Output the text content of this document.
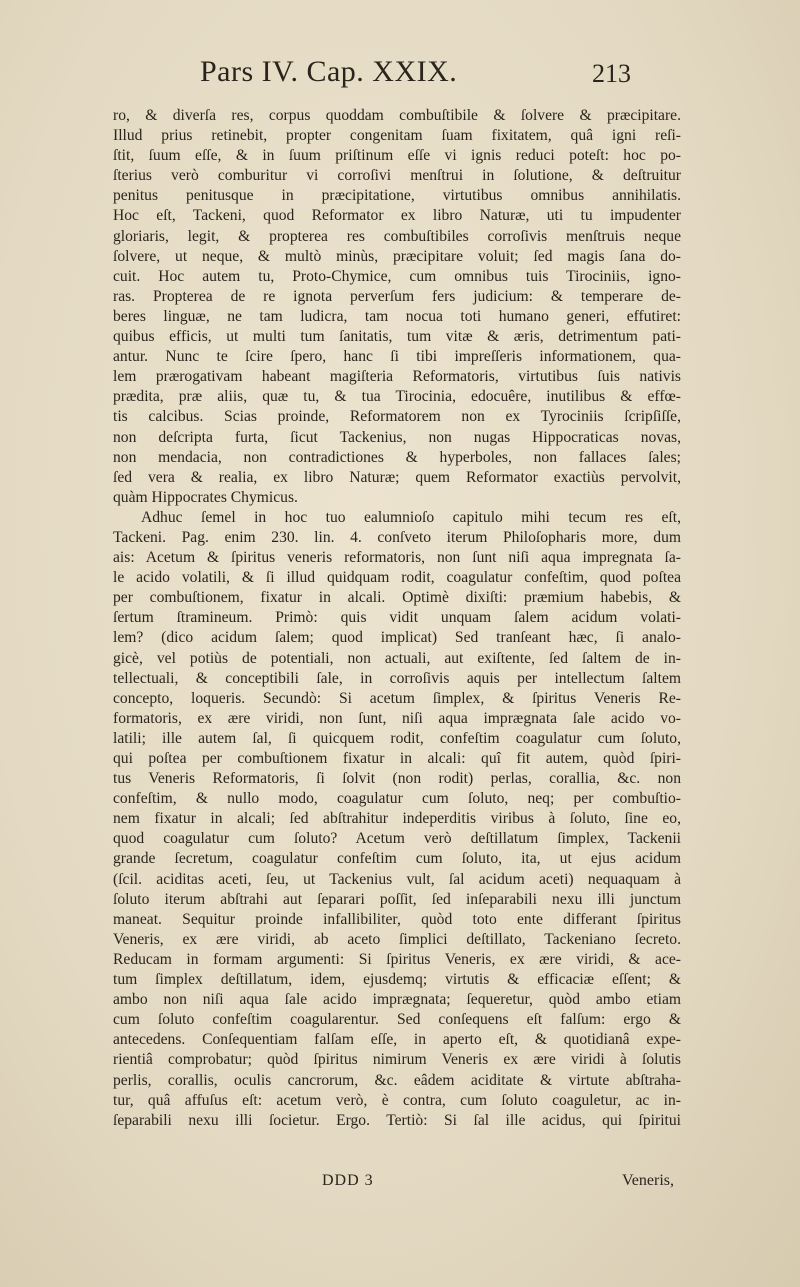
Pars IV. Cap. XXIX.	213
ro, & diverſa res, corpus quoddam combuſtibile & ſolvere & præcipitare.
Illud prius retinebit, propter congenitam ſuam fixitatem, quâ igni reſi-
ſtit, ſuum eſſe, & in ſuum priſtinum eſſe vi ignis reduci poteſt: hoc po-
ſterius verò comburitur vi corroſivi menſtrui in ſolutione, & deſtruitur
penitus penitusque in præcipitatione, virtutibus omnibus annihilatis.
Hoc eſt, Tackeni, quod Reformator ex libro Naturæ, uti tu impudenter
gloriaris, legit, & propterea res combuſtibiles corroſivis menſtruis neque
ſolvere, ut neque, & multò minùs, præcipitare voluit; ſed magis ſana do-
cuit. Hoc autem tu, Proto-Chymice, cum omnibus tuis Tirociniis, igno-
ras. Propterea de re ignota perverſum fers judicium: & temperare de-
beres linguæ, ne tam ludicra, tam nocua toti humano generi, effutiret:
quibus efficis, ut multi tum ſanitatis, tum vitæ & æris, detrimentum pati-
antur. Nunc te ſcire ſpero, hanc ſi tibi impreſſeris informationem, qua-
lem prærogativam habeant magiſteria Reformatoris, virtutibus ſuis nativis
prædita, præ aliis, quæ tu, & tua Tirocinia, edocuêre, inutilibus & effœ-
tis calcibus. Scias proinde, Reformatorem non ex Tyrociniis ſcripſiſſe,
non deſcripta furta, ſicut Tackenius, non nugas Hippocraticas novas,
non mendacia, non contradictiones & hyperboles, non fallaces ſales;
ſed vera & realia, ex libro Naturæ; quem Reformator exactiùs pervolvit,
quàm Hippocrates Chymicus.
Adhuc ſemel in hoc tuo ealumnioſo capitulo mihi tecum res eſt,
Tackeni. Pag. enim 230. lin. 4. conſveto iterum Philoſopharis more, dum
ais: Acetum & ſpiritus veneris reformatoris, non ſunt niſi aqua impregnata ſa-
le acido volatili, & ſi illud quidquam rodit, coagulatur confeſtim, quod poſtea
per combuſtionem, fixatur in alcali. Optimè dixiſti: præmium habebis, &
ſertum ſtramineum. Primò: quis vidit unquam ſalem acidum volati-
lem? (dico acidum ſalem; quod implicat) Sed tranſeant hæc, ſi analo-
gicè, vel potiùs de potentiali, non actuali, aut exiſtente, ſed ſaltem de in-
tellectuali, & conceptibili ſale, in corroſivis aquis per intellectum ſaltem
concepto, loqueris. Secundò: Si acetum ſimplex, & ſpiritus Veneris Re-
formatoris, ex ære viridi, non ſunt, niſi aqua imprægnata ſale acido vo-
latili; ille autem ſal, ſi quicquem rodit, confeſtim coagulatur cum ſoluto,
qui poſtea per combuſtionem fixatur in alcali: quî fit autem, quòd ſpiri-
tus Veneris Reformatoris, ſi ſolvit (non rodit) perlas, corallia, &c. non
confeſtim, & nullo modo, coagulatur cum ſoluto, neq; per combuſtio-
nem fixatur in alcali; ſed abſtrahitur indeperditis viribus à ſoluto, ſine eo,
quod coagulatur cum ſoluto? Acetum verò deſtillatum ſimplex, Tackenii
grande ſecretum, coagulatur confeſtim cum ſoluto, ita, ut ejus acidum
(ſcil. aciditas aceti, ſeu, ut Tackenius vult, ſal acidum aceti) nequaquam à
ſoluto iterum abſtrahi aut ſeparari poſſit, ſed inſeparabili nexu illi junctum
maneat. Sequitur proinde infallibiliter, quòd toto ente differant ſpiritus
Veneris, ex ære viridi, ab aceto ſimplici deſtillato, Tackeniano ſecreto.
Reducam in formam argumenti: Si ſpiritus Veneris, ex ære viridi, & ace-
tum ſimplex deſtillatum, idem, ejusdemq; virtutis & efficaciæ eſſent; &
ambo non niſi aqua ſale acido imprægnata; ſequeretur, quòd ambo etiam
cum ſoluto confeſtim coagularentur. Sed conſequens eſt falſum: ergo &
antecedens. Conſequentiam falſam eſſe, in aperto eſt, & quotidianâ expe-
rientiâ comprobatur; quòd ſpiritus nimirum Veneris ex ære viridi à ſolutis
perlis, corallis, oculis cancrorum, &c. eâdem aciditate & virtute abſtraha-
tur, quâ affuſus eſt: acetum verò, è contra, cum ſoluto coaguletur, ac in-
ſeparabili nexu illi ſocietur. Ergo. Tertiò: Si ſal ille acidus, qui ſpiritui
DDD 3	Veneris,
